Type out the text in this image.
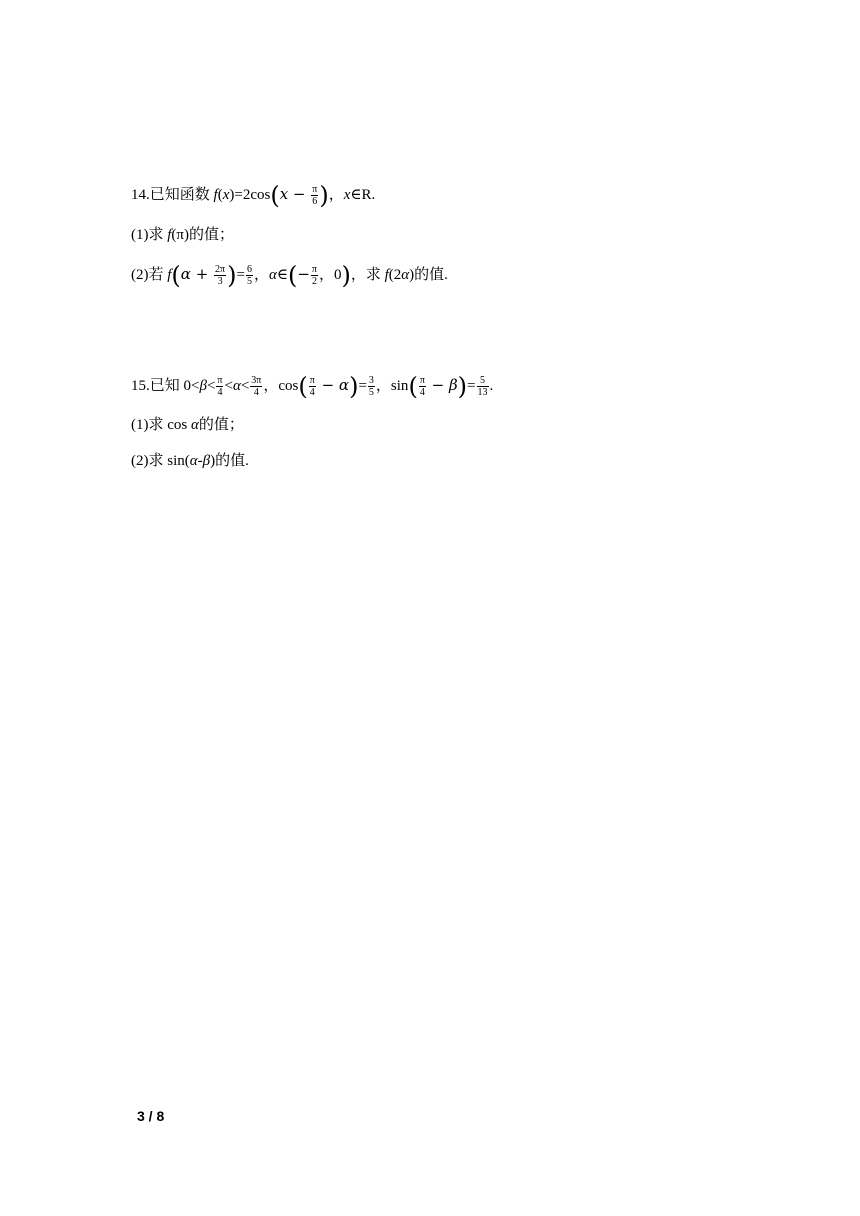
14.已知函数 $f(x)=2\cos(x - \frac{\pi}{6}$ )，x∈R.
(1)求 f(π)的值；
(2)若 $f(\alpha + \frac{2\pi}{3}$ )= $\frac{6}{5}$ ，α∈(− $\frac{\pi}{2}$ ，0)，求 f(2α)的值.
15.已知 $0<\beta< \frac{\pi}{4} <\alpha< \frac{3\pi}{4}$ ，$\cos( \frac{\pi}{4} - \alpha)= \frac{3}{5}$ ，$\sin( \frac{\pi}{4} - \beta)= \frac{5}{13}$ .
(1)求 cos α的值；
(2)求 sin(α-β)的值.
3 / 8
